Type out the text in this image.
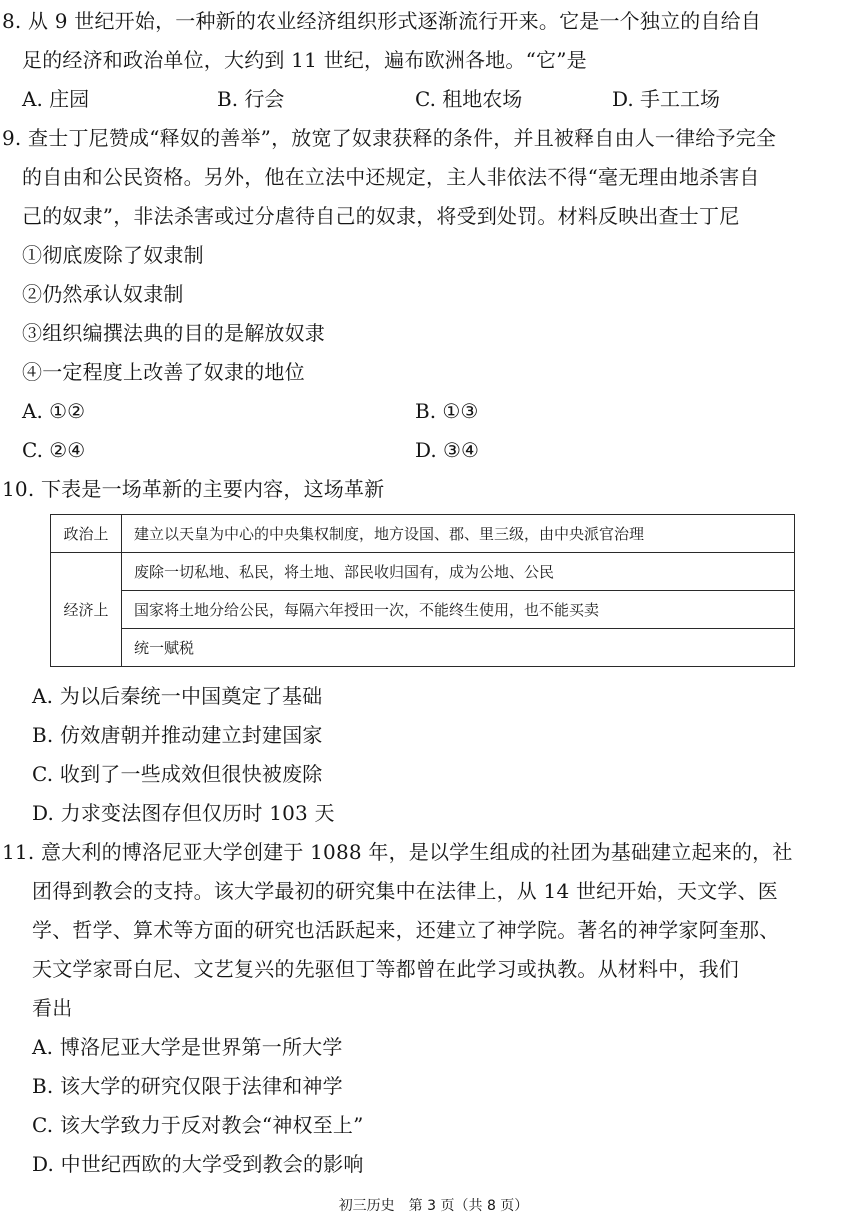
8. 从 9 世纪开始，一种新的农业经济组织形式逐渐流行开来。它是一个独立的自给自
足的经济和政治单位，大约到 11 世纪，遍布欧洲各地。“它”是
A. 庄园	B. 行会	C. 租地农场	D. 手工工场
9. 查士丁尼赞成“释奴的善举”，放宽了奴隶获释的条件，并且被释自由人一律给予完全
的自由和公民资格。另外，他在立法中还规定，主人非依法不得“毫无理由地杀害自
己的奴隶”，非法杀害或过分虐待自己的奴隶，将受到处罚。材料反映出查士丁尼
①彻底废除了奴隶制
②仍然承认奴隶制
③组织编撰法典的目的是解放奴隶
④一定程度上改善了奴隶的地位
A. ①②	B. ①③
C. ②④	D. ③④
10. 下表是一场革新的主要内容，这场革新
政治上	建立以天皇为中心的中央集权制度，地方设国、郡、里三级，由中央派官治理
经济上	废除一切私地、私民，将土地、部民收归国有，成为公地、公民
	国家将土地分给公民，每隔六年授田一次，不能终生使用，也不能买卖
	统一赋税
A. 为以后秦统一中国奠定了基础
B. 仿效唐朝并推动建立封建国家
C. 收到了一些成效但很快被废除
D. 力求变法图存但仅历时 103 天
11. 意大利的博洛尼亚大学创建于 1088 年，是以学生组成的社团为基础建立起来的，社
团得到教会的支持。该大学最初的研究集中在法律上，从 14 世纪开始，天文学、医
学、哲学、算术等方面的研究也活跃起来，还建立了神学院。著名的神学家阿奎那、
天文学家哥白尼、文艺复兴的先驱但丁等都曾在此学习或执教。从材料中，我们
看出
A. 博洛尼亚大学是世界第一所大学
B. 该大学的研究仅限于法律和神学
C. 该大学致力于反对教会“神权至上”
D. 中世纪西欧的大学受到教会的影响
初三历史　第 3 页（共 8 页）
